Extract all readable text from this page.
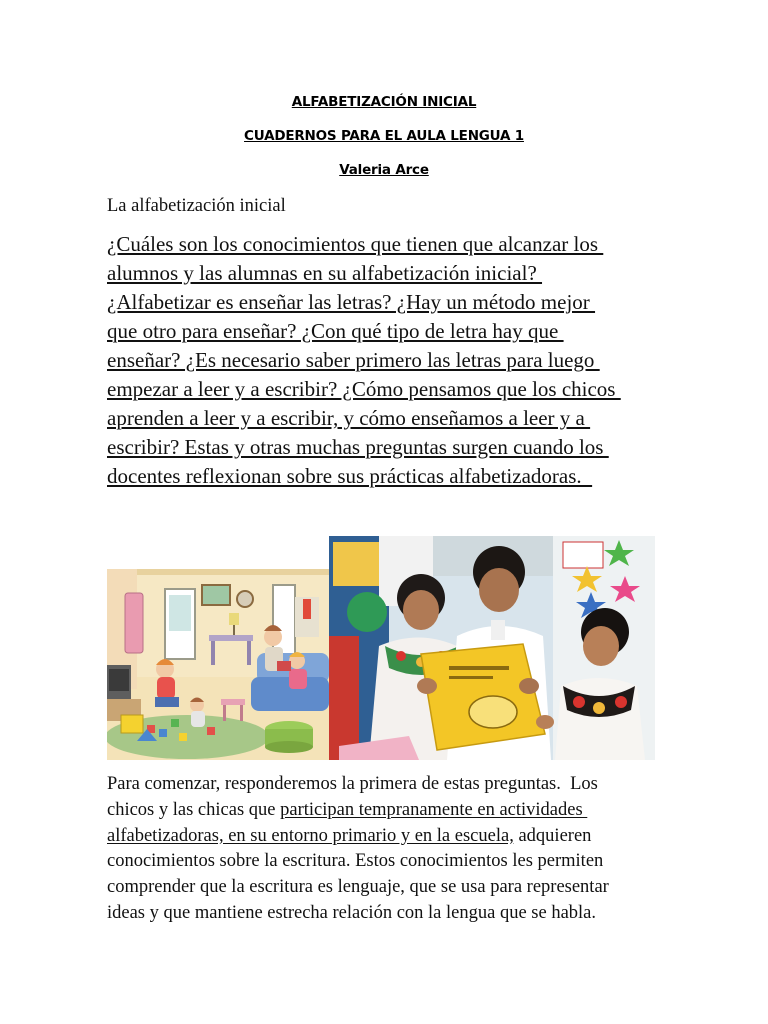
ALFABETIZACIÓN INICIAL
CUADERNOS PARA EL AULA LENGUA 1
Valeria Arce
La alfabetización inicial
¿Cuáles son los conocimientos que tienen que alcanzar los
alumnos y las alumnas en su alfabetización inicial?
¿Alfabetizar es enseñar las letras? ¿Hay un método mejor
que otro para enseñar? ¿Con qué tipo de letra hay que
enseñar? ¿Es necesario saber primero las letras para luego
empezar a leer y a escribir? ¿Cómo pensamos que los chicos
aprenden a leer y a escribir, y cómo enseñamos a leer y a
escribir? Estas y otras muchas preguntas surgen cuando los
docentes reflexionan sobre sus prácticas alfabetizadoras.
Para comenzar, responderemos la primera de estas preguntas.  Los
chicos y las chicas que participan tempranamente en actividades
alfabetizadoras, en su entorno primario y en la escuela, adquieren
conocimientos sobre la escritura. Estos conocimientos les permiten
comprender que la escritura es lenguaje, que se usa para representar
ideas y que mantiene estrecha relación con la lengua que se habla.
